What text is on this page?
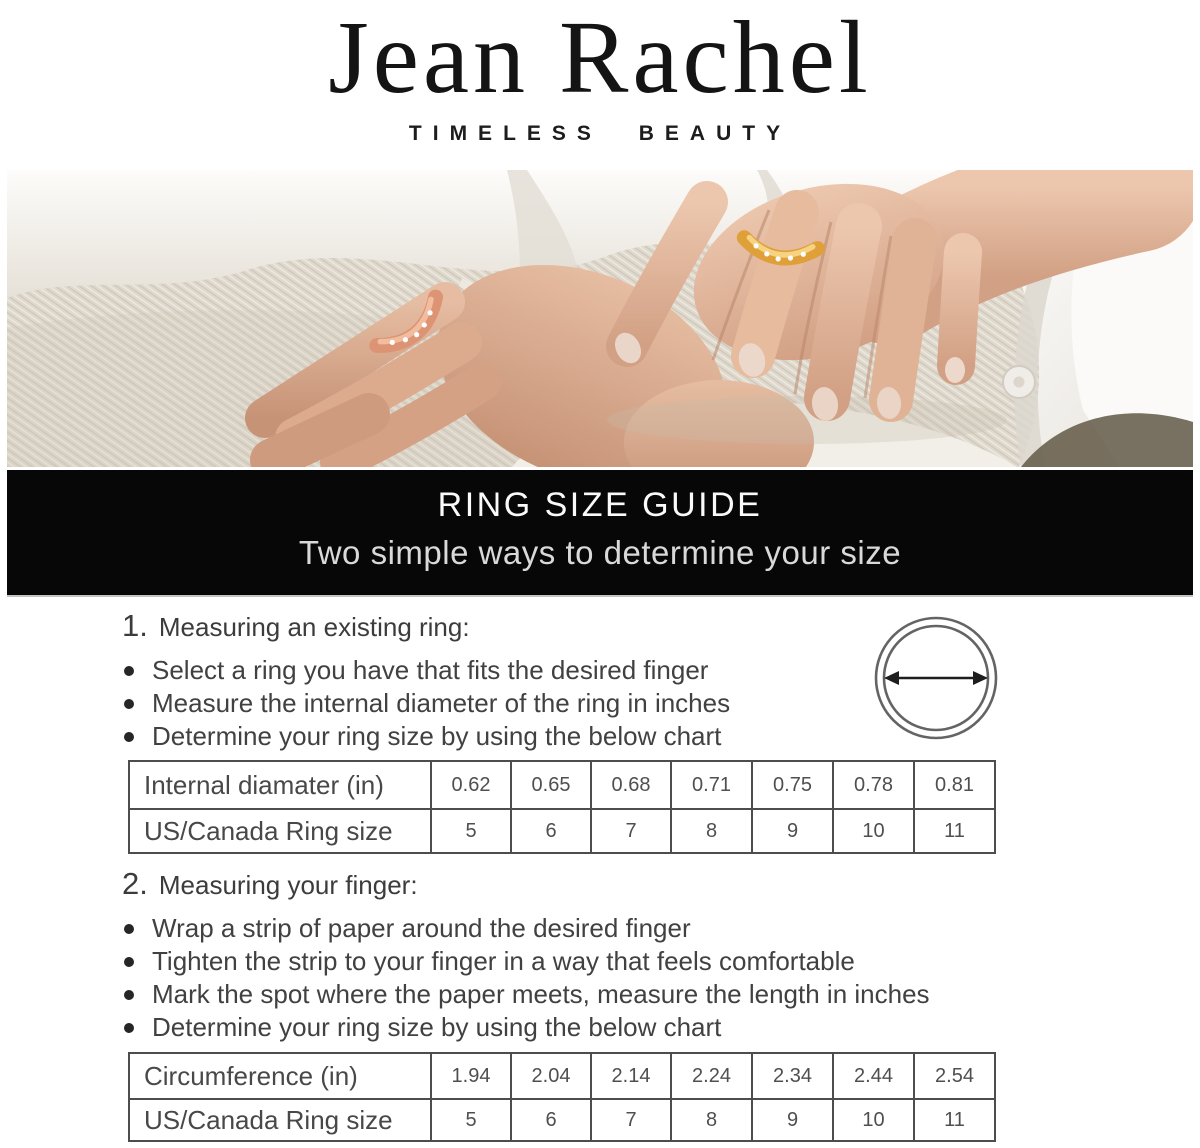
Jean Rachel
TIMELESS BEAUTY
RING SIZE GUIDE
Two simple ways to determine your size
1. Measuring an existing ring:
Select a ring you have that fits the desired finger
Measure the internal diameter of the ring in inches
Determine your ring size by using the below chart
Internal diamater (in)	0.62	0.65	0.68	0.71	0.75	0.78	0.81
US/Canada Ring size	5	6	7	8	9	10	11
2. Measuring your finger:
Wrap a strip of paper around the desired finger
Tighten the strip to your finger in a way that feels comfortable
Mark the spot where the paper meets, measure the length in inches
Determine your ring size by using the below chart
Circumference (in)	1.94	2.04	2.14	2.24	2.34	2.44	2.54
US/Canada Ring size	5	6	7	8	9	10	11
